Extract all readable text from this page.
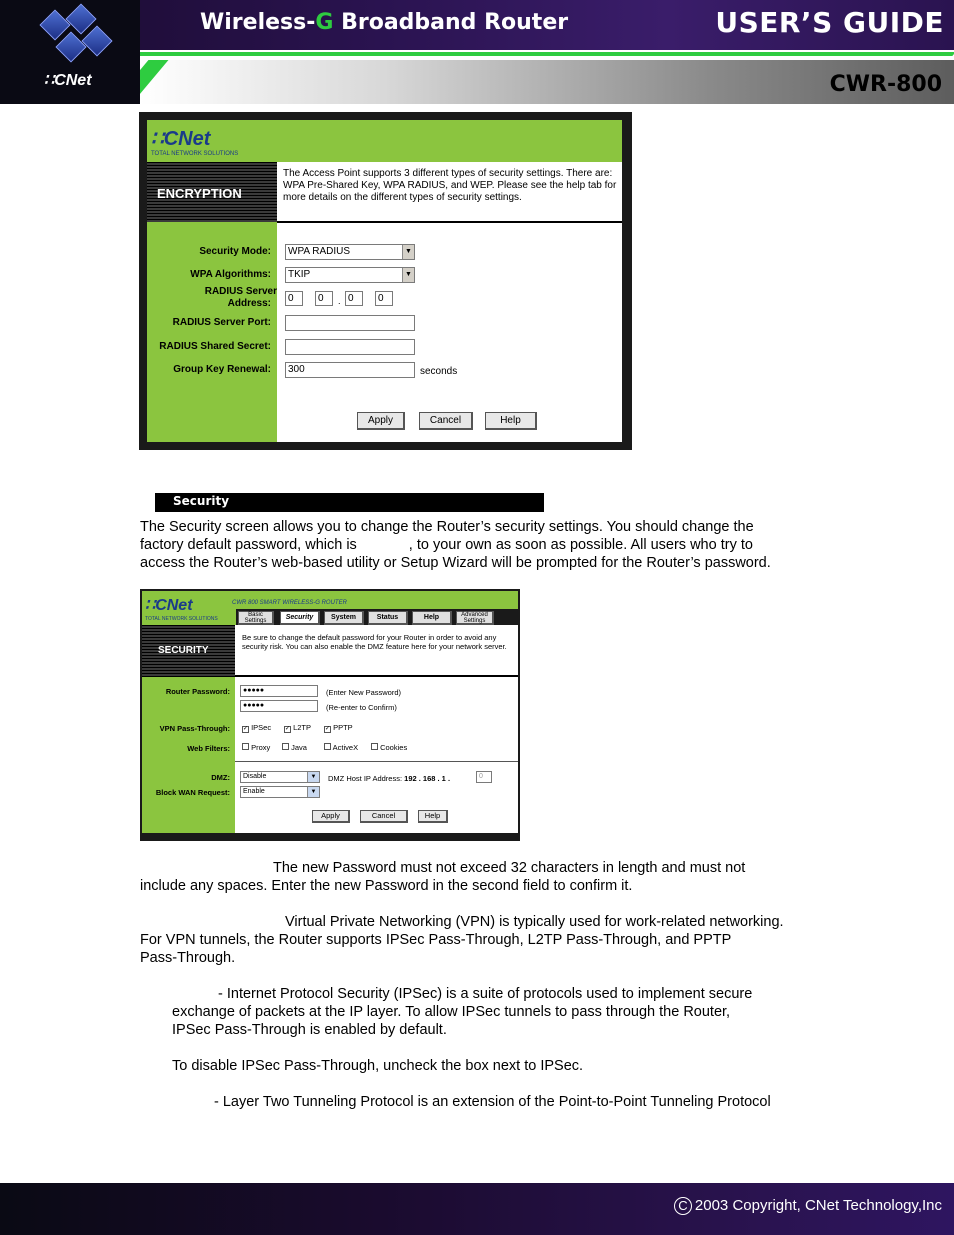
∷CNet
Wireless-G Broadband Router	USER’S GUIDE
CWR-800
∷CNet
TOTAL NETWORK SOLUTIONS
ENCRYPTION
The Access Point supports 3 different types of security settings. There are: WPA Pre-Shared Key, WPA RADIUS, and WEP. Please see the help tab for more details on the different types of security settings.
Security Mode:	WPA RADIUS	▼
WPA Algorithms:	TKIP	▼
RADIUS Server
Address:	0	0	. 0	0
RADIUS Server Port:
RADIUS Shared Secret:
Group Key Renewal:	300	seconds
Apply	Cancel	Help
Security
The Security screen allows you to change the Router’s security settings. You should change the
factory default password, which is	, to your own as soon as possible. All users who try to
access the Router’s web-based utility or Setup Wizard will be prompted for the Router’s password.
∷CNet
TOTAL NETWORK SOLUTIONS
CWR 800 SMART WIRELESS-G ROUTER
Basic Settings	Security	System	Status	Help	Advanced Settings
SECURITY
Be sure to change the default password for your Router in order to avoid any security risk. You can also enable the DMZ feature here for your network server.
Router Password:	●●●●●	(Enter New Password)
●●●●●	(Re-enter to Confirm)
VPN Pass-Through: ✓ IPSec ✓ L2TP ✓ PPTP
Web Filters:	Proxy	Java	ActiveX	Cookies
DMZ:	Disable	▼	DMZ Host IP Address: 192 . 168 . 1 .	0
Block WAN Request:	Enable	▼
Apply	Cancel	Help
The new Password must not exceed 32 characters in length and must not
include any spaces. Enter the new Password in the second field to confirm it.
Virtual Private Networking (VPN) is typically used for work-related networking.
For VPN tunnels, the Router supports IPSec Pass-Through, L2TP Pass-Through, and PPTP
Pass-Through.
- Internet Protocol Security (IPSec) is a suite of protocols used to implement secure
exchange of packets at the IP layer. To allow IPSec tunnels to pass through the Router,
IPSec Pass-Through is enabled by default.
To disable IPSec Pass-Through, uncheck the box next to IPSec.
- Layer Two Tunneling Protocol is an extension of the Point-to-Point Tunneling Protocol
C 2003 Copyright, CNet Technology,Inc
